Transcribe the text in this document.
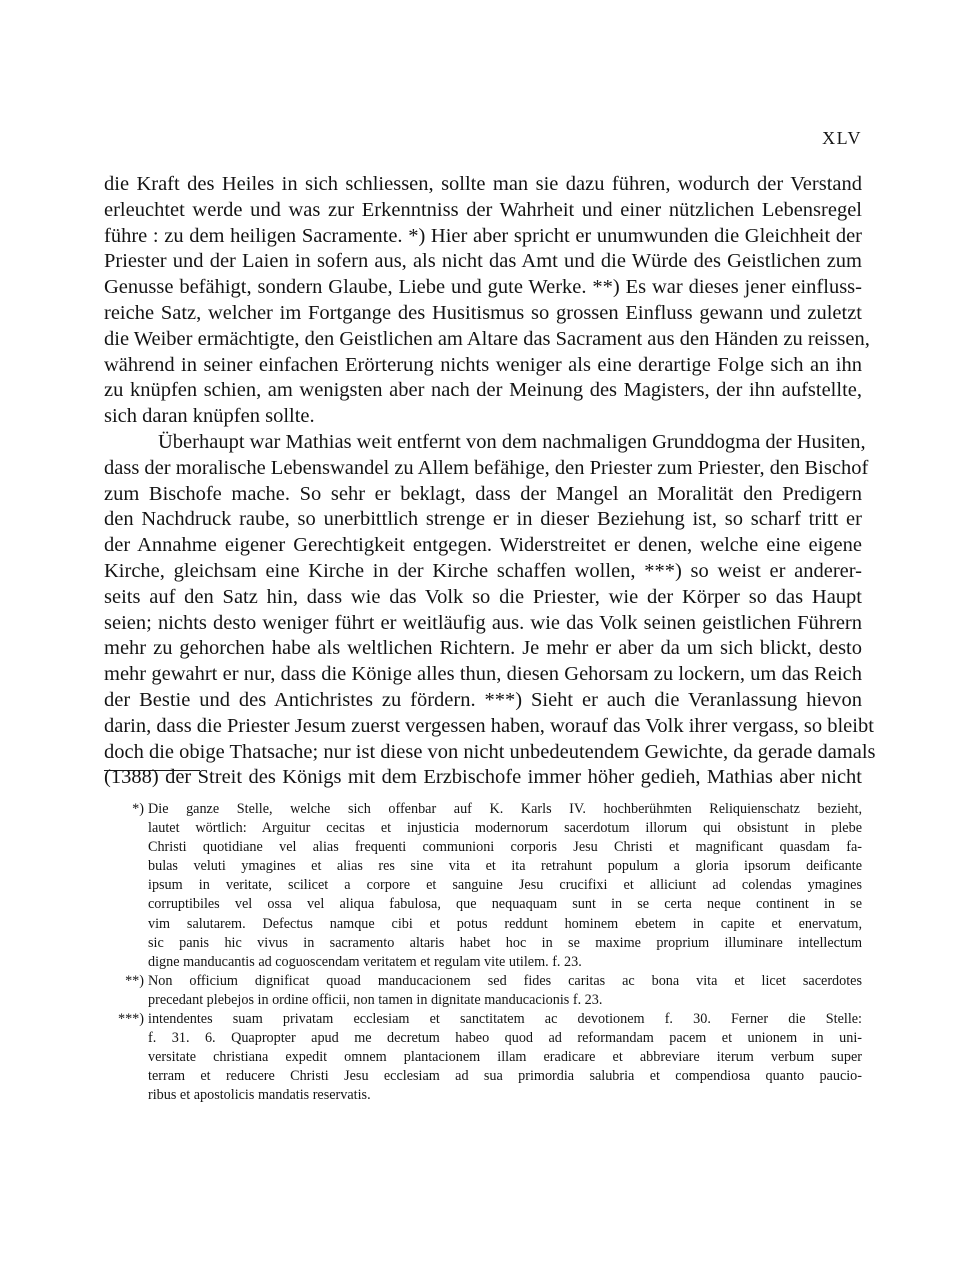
XLV
die Kraft des Heiles in sich schliessen, sollte man sie dazu führen, wodurch der Verstand
erleuchtet werde und was zur Erkenntniss der Wahrheit und einer nützlichen Lebensregel
führe : zu dem heiligen Sacramente. *) Hier aber spricht er unumwunden die Gleichheit der
Priester und der Laien in sofern aus, als nicht das Amt und die Würde des Geistlichen zum
Genusse befähigt, sondern Glaube, Liebe und gute Werke. **) Es war dieses jener einfluss-
reiche Satz, welcher im Fortgange des Husitismus so grossen Einfluss gewann und zuletzt
die Weiber ermächtigte, den Geistlichen am Altare das Sacrament aus den Händen zu reissen,
während in seiner einfachen Erörterung nichts weniger als eine derartige Folge sich an ihn
zu knüpfen schien, am wenigsten aber nach der Meinung des Magisters, der ihn aufstellte,
sich daran knüpfen sollte.
Überhaupt war Mathias weit entfernt von dem nachmaligen Grunddogma der Husiten,
dass der moralische Lebenswandel zu Allem befähige, den Priester zum Priester, den Bischof
zum Bischofe mache. So sehr er beklagt, dass der Mangel an Moralität den Predigern
den Nachdruck raube, so unerbittlich strenge er in dieser Beziehung ist, so scharf tritt er
der Annahme eigener Gerechtigkeit entgegen. Widerstreitet er denen, welche eine eigene
Kirche, gleichsam eine Kirche in der Kirche schaffen wollen, ***) so weist er anderer-
seits auf den Satz hin, dass wie das Volk so die Priester, wie der Körper so das Haupt
seien; nichts desto weniger führt er weitläufig aus. wie das Volk seinen geistlichen Führern
mehr zu gehorchen habe als weltlichen Richtern. Je mehr er aber da um sich blickt, desto
mehr gewahrt er nur, dass die Könige alles thun, diesen Gehorsam zu lockern, um das Reich
der Bestie und des Antichristes zu fördern. ***) Sieht er auch die Veranlassung hievon
darin, dass die Priester Jesum zuerst vergessen haben, worauf das Volk ihrer vergass, so bleibt
doch die obige Thatsache; nur ist diese von nicht unbedeutendem Gewichte, da gerade damals
(1388) der Streit des Königs mit dem Erzbischofe immer höher gedieh, Mathias aber nicht
*) Die ganze Stelle, welche sich offenbar auf K. Karls IV. hochberühmten Reliquienschatz bezieht,
lautet wörtlich: Arguitur cecitas et injusticia modernorum sacerdotum illorum qui obsistunt in plebe
Christi quotidiane vel alias frequenti communioni corporis Jesu Christi et magnificant quasdam fa-
bulas veluti ymagines et alias res sine vita et ita retrahunt populum a gloria ipsorum deificante
ipsum in veritate, scilicet a corpore et sanguine Jesu crucifixi et alliciunt ad colendas ymagines
corruptibiles vel ossa vel aliqua fabulosa, que nequaquam sunt in se certa neque continent in se
vim salutarem. Defectus namque cibi et potus reddunt hominem ebetem in capite et enervatum,
sic panis hic vivus in sacramento altaris habet hoc in se maxime proprium illuminare intellectum
digne manducantis ad coguoscendam veritatem et regulam vite utilem. f. 23.
**) Non officium dignificat quoad manducacionem sed fides caritas ac bona vita et licet sacerdotes
precedant plebejos in ordine officii, non tamen in dignitate manducacionis f. 23.
***) intendentes suam privatam ecclesiam et sanctitatem ac devotionem f. 30. Ferner die Stelle:
f. 31. 6. Quapropter apud me decretum habeo quod ad reformandam pacem et unionem in uni-
versitate christiana expedit omnem plantacionem illam eradicare et abbreviare iterum verbum super
terram et reducere Christi Jesu ecclesiam ad sua primordia salubria et compendiosa quanto paucio-
ribus et apostolicis mandatis reservatis.
